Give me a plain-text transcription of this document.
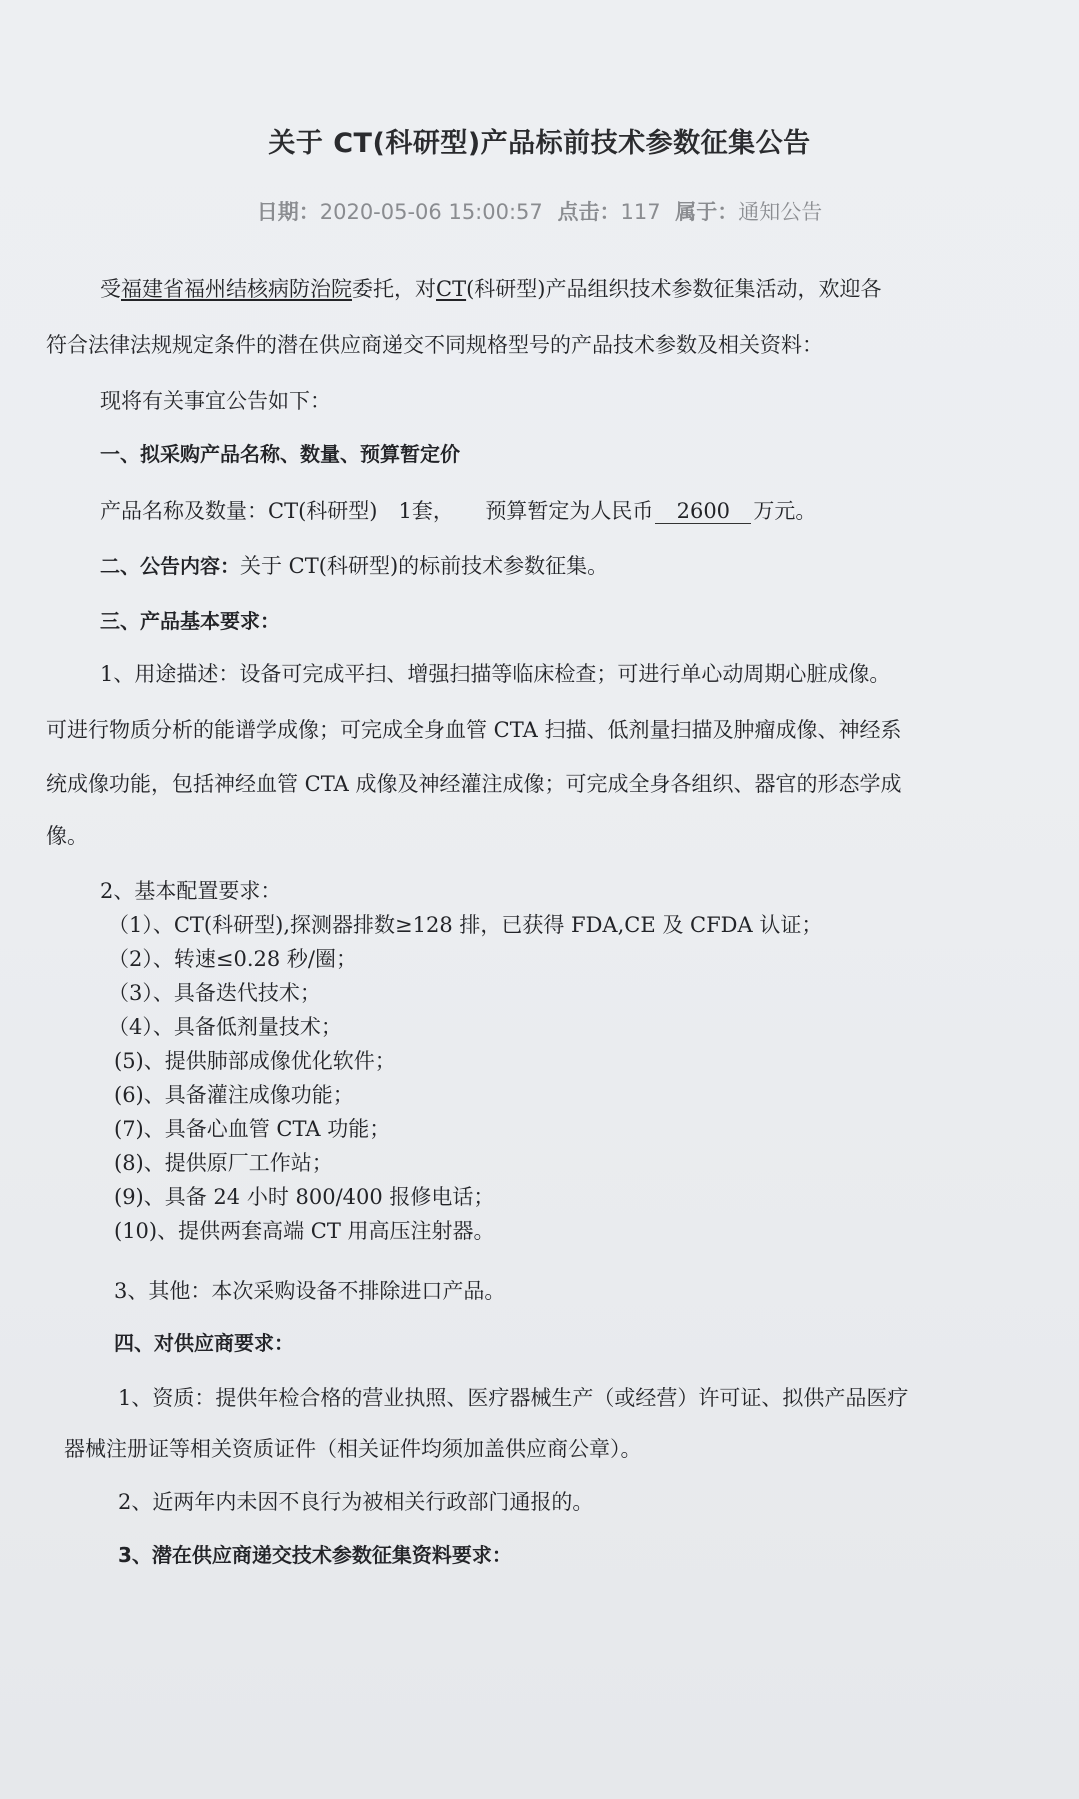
关于 CT(科研型)产品标前技术参数征集公告
日期：2020-05-06 15:00:57 点击：117 属于：通知公告
受福建省福州结核病防治院委托，对CT(科研型)产品组织技术参数征集活动，欢迎各
符合法律法规规定条件的潜在供应商递交不同规格型号的产品技术参数及相关资料：
现将有关事宜公告如下：
一、拟采购产品名称、数量、预算暂定价
产品名称及数量：CT(科研型)　1套，　　预算暂定为人民币 2600 万元。
二、公告内容：关于 CT(科研型)的标前技术参数征集。
三、产品基本要求：
1、用途描述：设备可完成平扫、增强扫描等临床检查；可进行单心动周期心脏成像。
可进行物质分析的能谱学成像；可完成全身血管 CTA 扫描、低剂量扫描及肿瘤成像、神经系
统成像功能，包括神经血管 CTA 成像及神经灌注成像；可完成全身各组织、器官的形态学成
像。
2、基本配置要求：
（1）、CT(科研型),探测器排数≥128 排，已获得 FDA,CE 及 CFDA 认证；
（2）、转速≤0.28 秒/圈；
（3）、具备迭代技术；
（4）、具备低剂量技术；
(5)、提供肺部成像优化软件；
(6)、具备灌注成像功能；
(7)、具备心血管 CTA 功能；
(8)、提供原厂工作站；
(9)、具备 24 小时 800/400 报修电话；
(10)、提供两套高端 CT 用高压注射器。
3、其他：本次采购设备不排除进口产品。
四、对供应商要求：
1、资质：提供年检合格的营业执照、医疗器械生产（或经营）许可证、拟供产品医疗
器械注册证等相关资质证件（相关证件均须加盖供应商公章）。
2、近两年内未因不良行为被相关行政部门通报的。
3、潜在供应商递交技术参数征集资料要求：
